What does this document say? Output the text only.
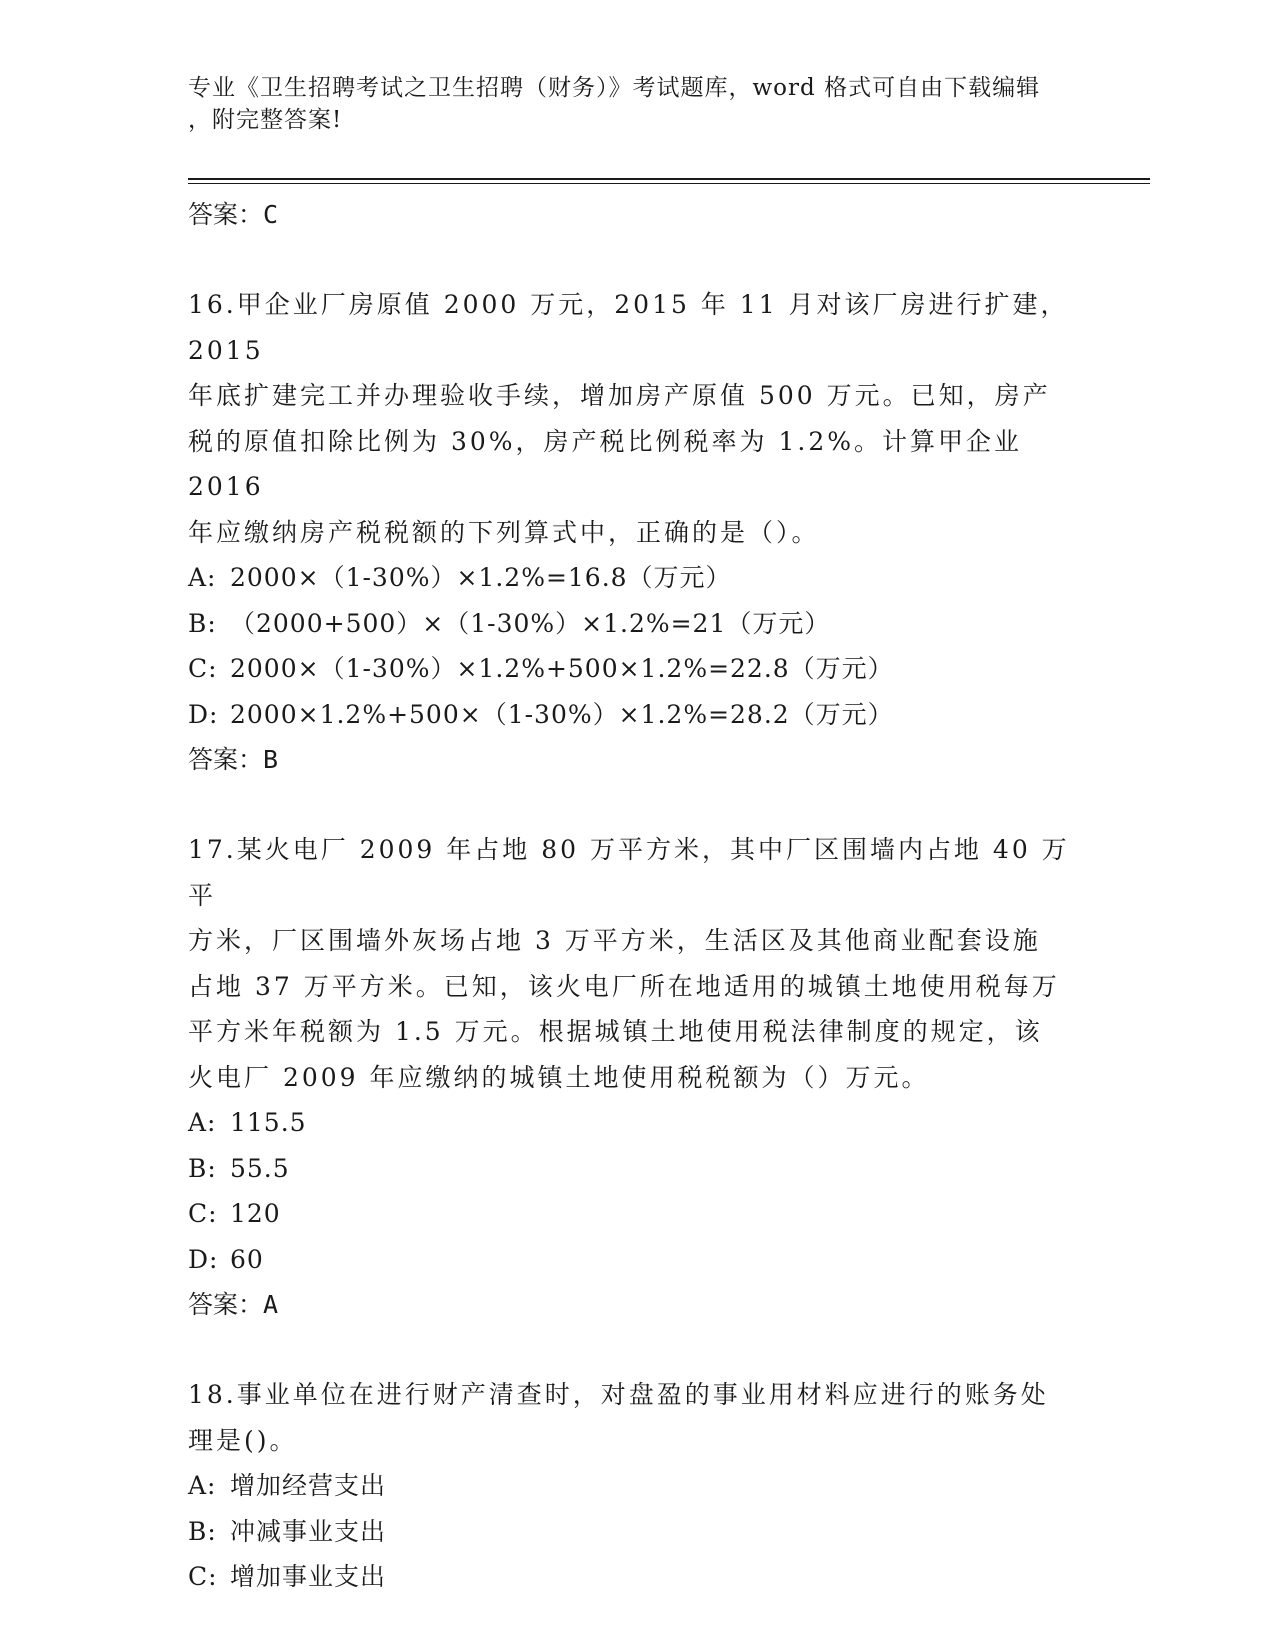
专业《卫生招聘考试之卫生招聘（财务）》考试题库，word 格式可自由下载编辑
，附完整答案!
答案：C

16.甲企业厂房原值 2000 万元，2015 年 11 月对该厂房进行扩建，2015

年底扩建完工并办理验收手续，增加房产原值 500 万元。已知，房产

税的原值扣除比例为 30%，房产税比例税率为 1.2%。计算甲企业 2016

年应缴纳房产税税额的下列算式中，正确的是（）。

A: 2000×（1-30%）×1.2%=16.8（万元）

B: （2000+500）×（1-30%）×1.2%=21（万元）

C: 2000×（1-30%）×1.2%+500×1.2%=22.8（万元）

D: 2000×1.2%+500×（1-30%）×1.2%=28.2（万元）

答案：B

17.某火电厂 2009 年占地 80 万平方米，其中厂区围墙内占地 40 万平

方米，厂区围墙外灰场占地 3 万平方米，生活区及其他商业配套设施

占地 37 万平方米。已知，该火电厂所在地适用的城镇土地使用税每万

平方米年税额为 1.5 万元。根据城镇土地使用税法律制度的规定，该

火电厂 2009 年应缴纳的城镇土地使用税税额为（）万元。

A: 115.5

B: 55.5

C: 120

D: 60

答案：A

18.事业单位在进行财产清查时，对盘盈的事业用材料应进行的账务处

理是()。

A: 增加经营支出

B: 冲减事业支出

C: 增加事业支出
